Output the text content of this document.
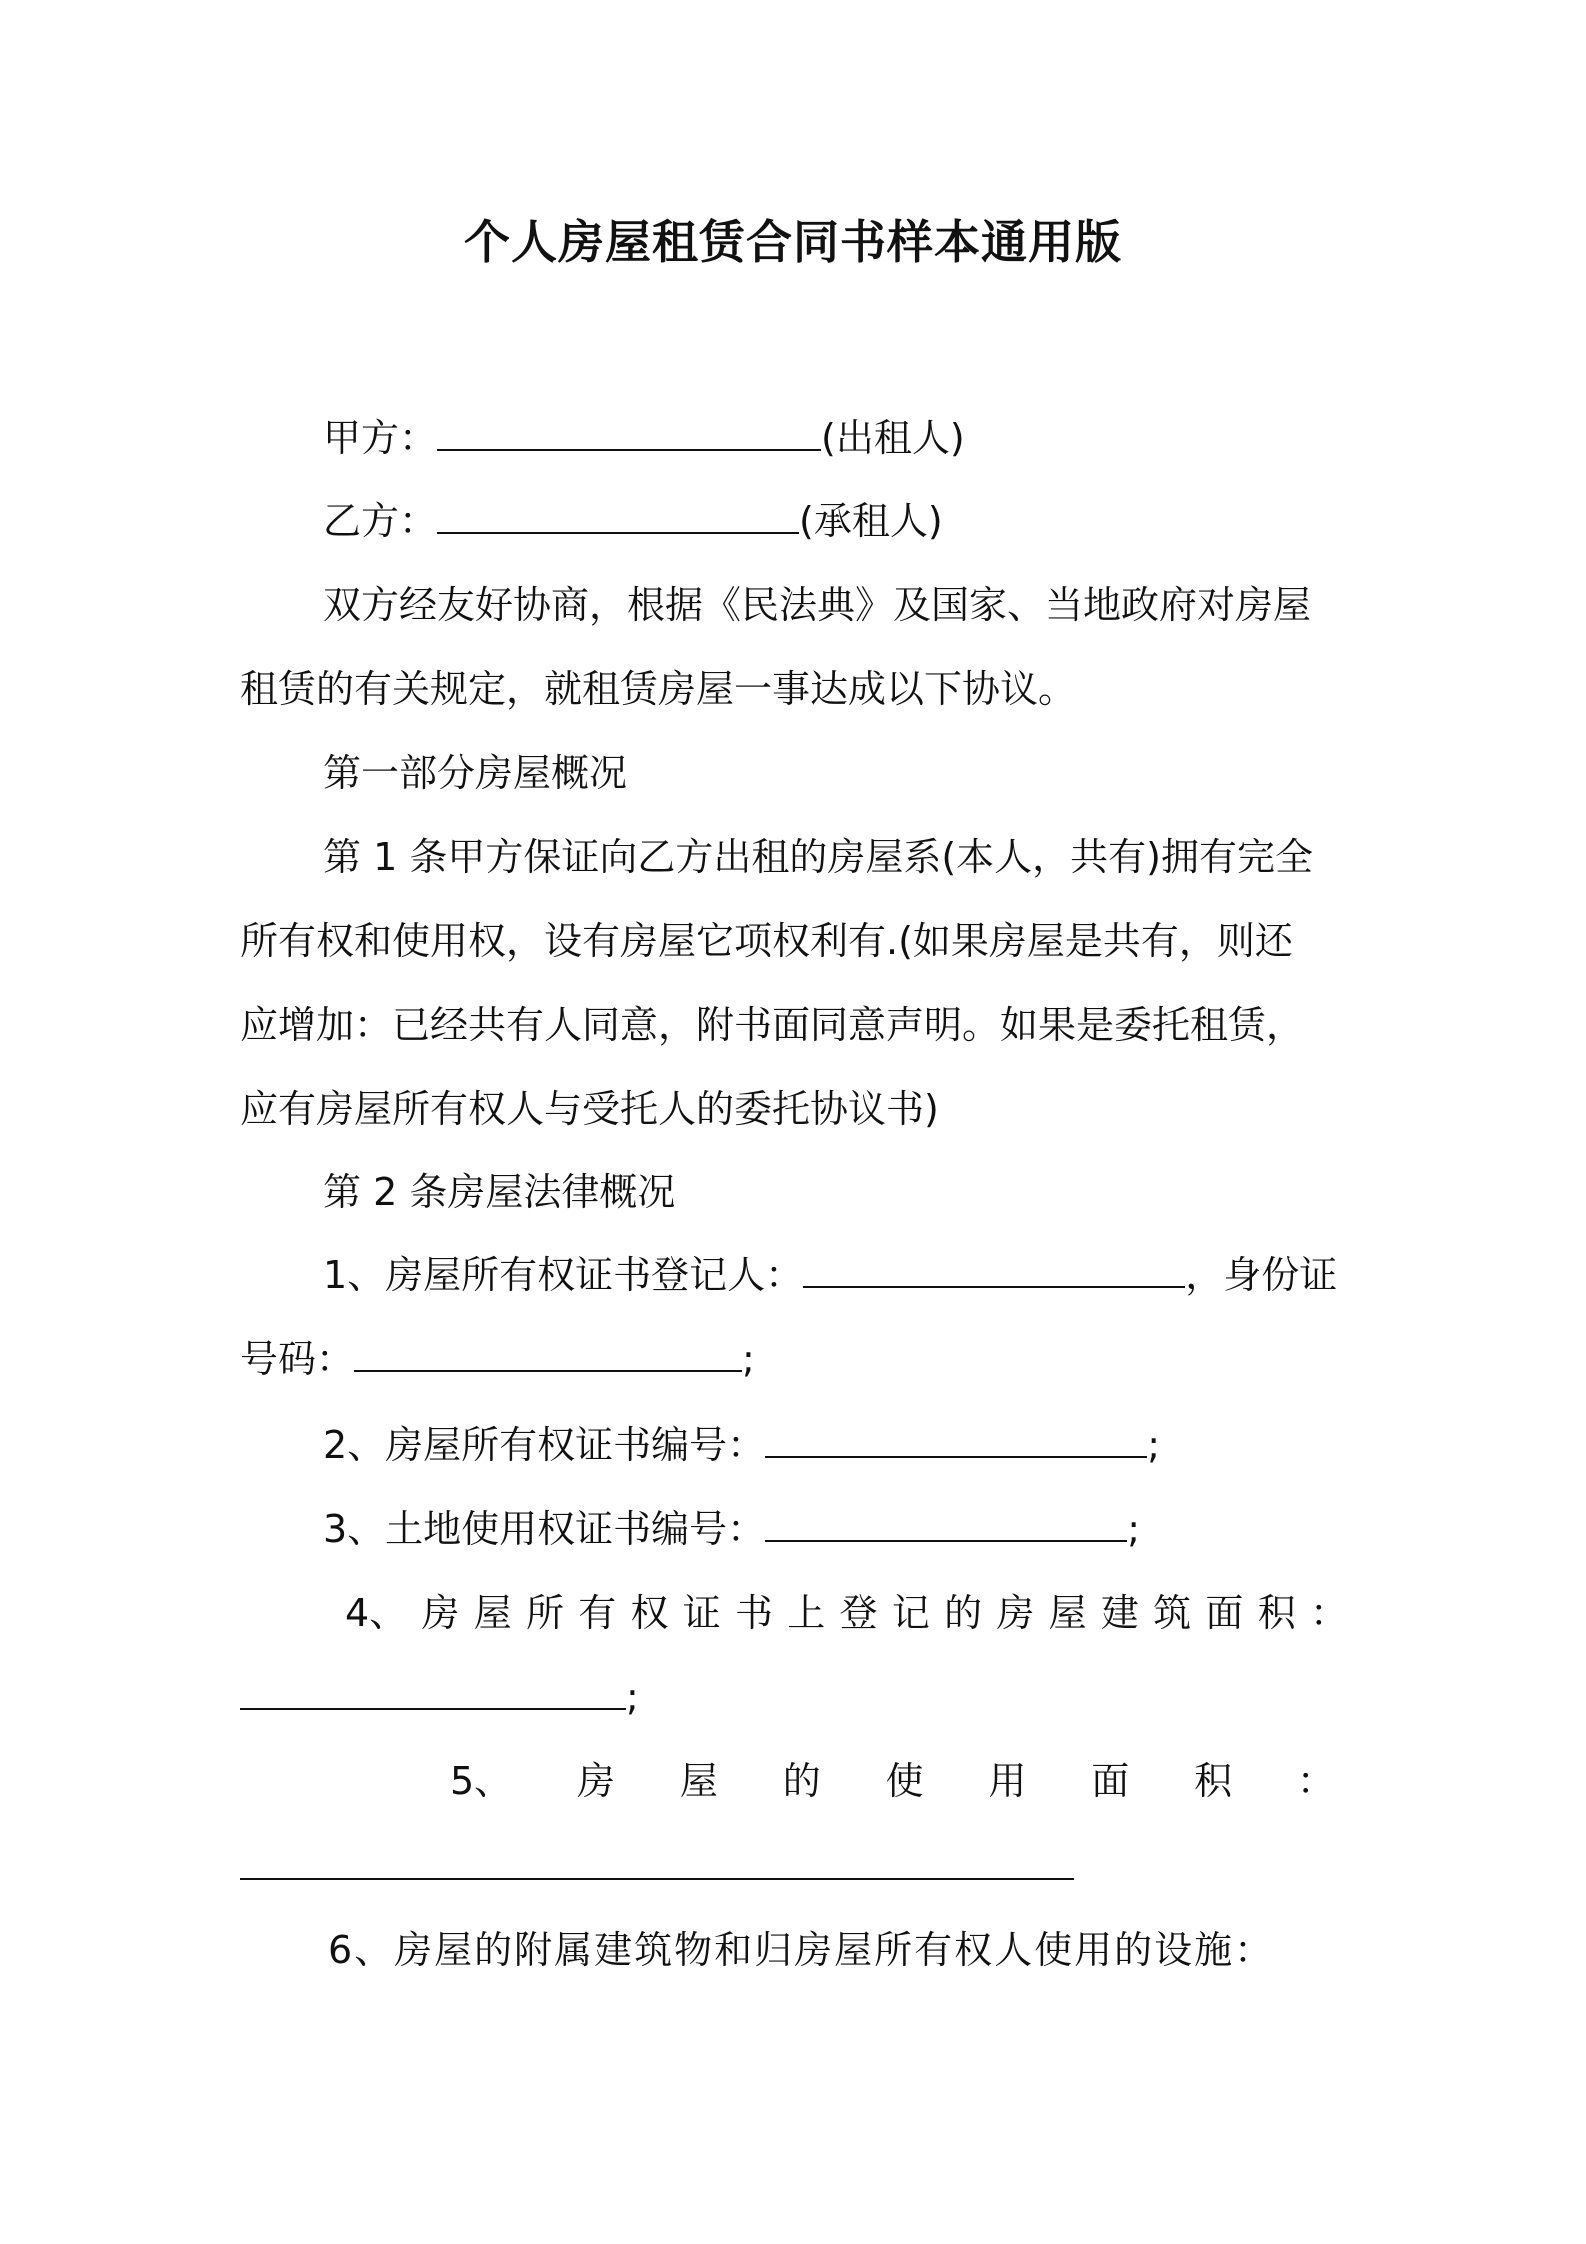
个人房屋租赁合同书样本通用版
甲方：	(出租人)
乙方：	(承租人)
双方经友好协商，根据《民法典》及国家、当地政府对房屋
租赁的有关规定，就租赁房屋一事达成以下协议。
第一部分房屋概况
第 1 条甲方保证向乙方出租的房屋系(本人，共有)拥有完全
所有权和使用权，设有房屋它项权利有.(如果房屋是共有，则还
应增加：已经共有人同意，附书面同意声明。如果是委托租赁，
应有房屋所有权人与受托人的委托协议书)
第 2 条房屋法律概况
1、房屋所有权证书登记人：	，身份证
号码：	;
2、房屋所有权证书编号：	;
3、土地使用权证书编号：	;
4、 房 屋 所 有 权 证 书 上 登 记 的 房 屋 建 筑 面 积 ：
;
5、 房 屋 的 使 用 面 积 ：
6、房屋的附属建筑物和归房屋所有权人使用的设施：
